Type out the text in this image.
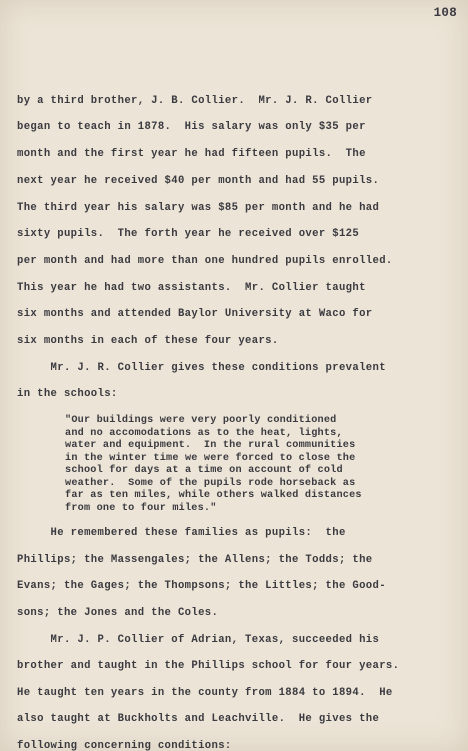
108
by a third brother, J. B. Collier.  Mr. J. R. Collier
began to teach in 1878.  His salary was only $35 per
month and the first year he had fifteen pupils.  The
next year he received $40 per month and had 55 pupils.
The third year his salary was $85 per month and he had
sixty pupils.  The forth year he received over $125
per month and had more than one hundred pupils enrolled.
This year he had two assistants.  Mr. Collier taught
six months and attended Baylor University at Waco for
six months in each of these four years.
Mr. J. R. Collier gives these conditions prevalent
in the schools:
"Our buildings were very poorly conditioned
and no accomodations as to the heat, lights,
water and equipment.  In the rural communities
in the winter time we were forced to close the
school for days at a time on account of cold
weather.  Some of the pupils rode horseback as
far as ten miles, while others walked distances
from one to four miles."
He remembered these families as pupils:  the
Phillips; the Massengales; the Allens; the Todds; the
Evans; the Gages; the Thompsons; the Littles; the Good-
sons; the Jones and the Coles.
Mr. J. P. Collier of Adrian, Texas, succeeded his
brother and taught in the Phillips school for four years.
He taught ten years in the county from 1884 to 1894.  He
also taught at Buckholts and Leachville.  He gives the
following concerning conditions:
